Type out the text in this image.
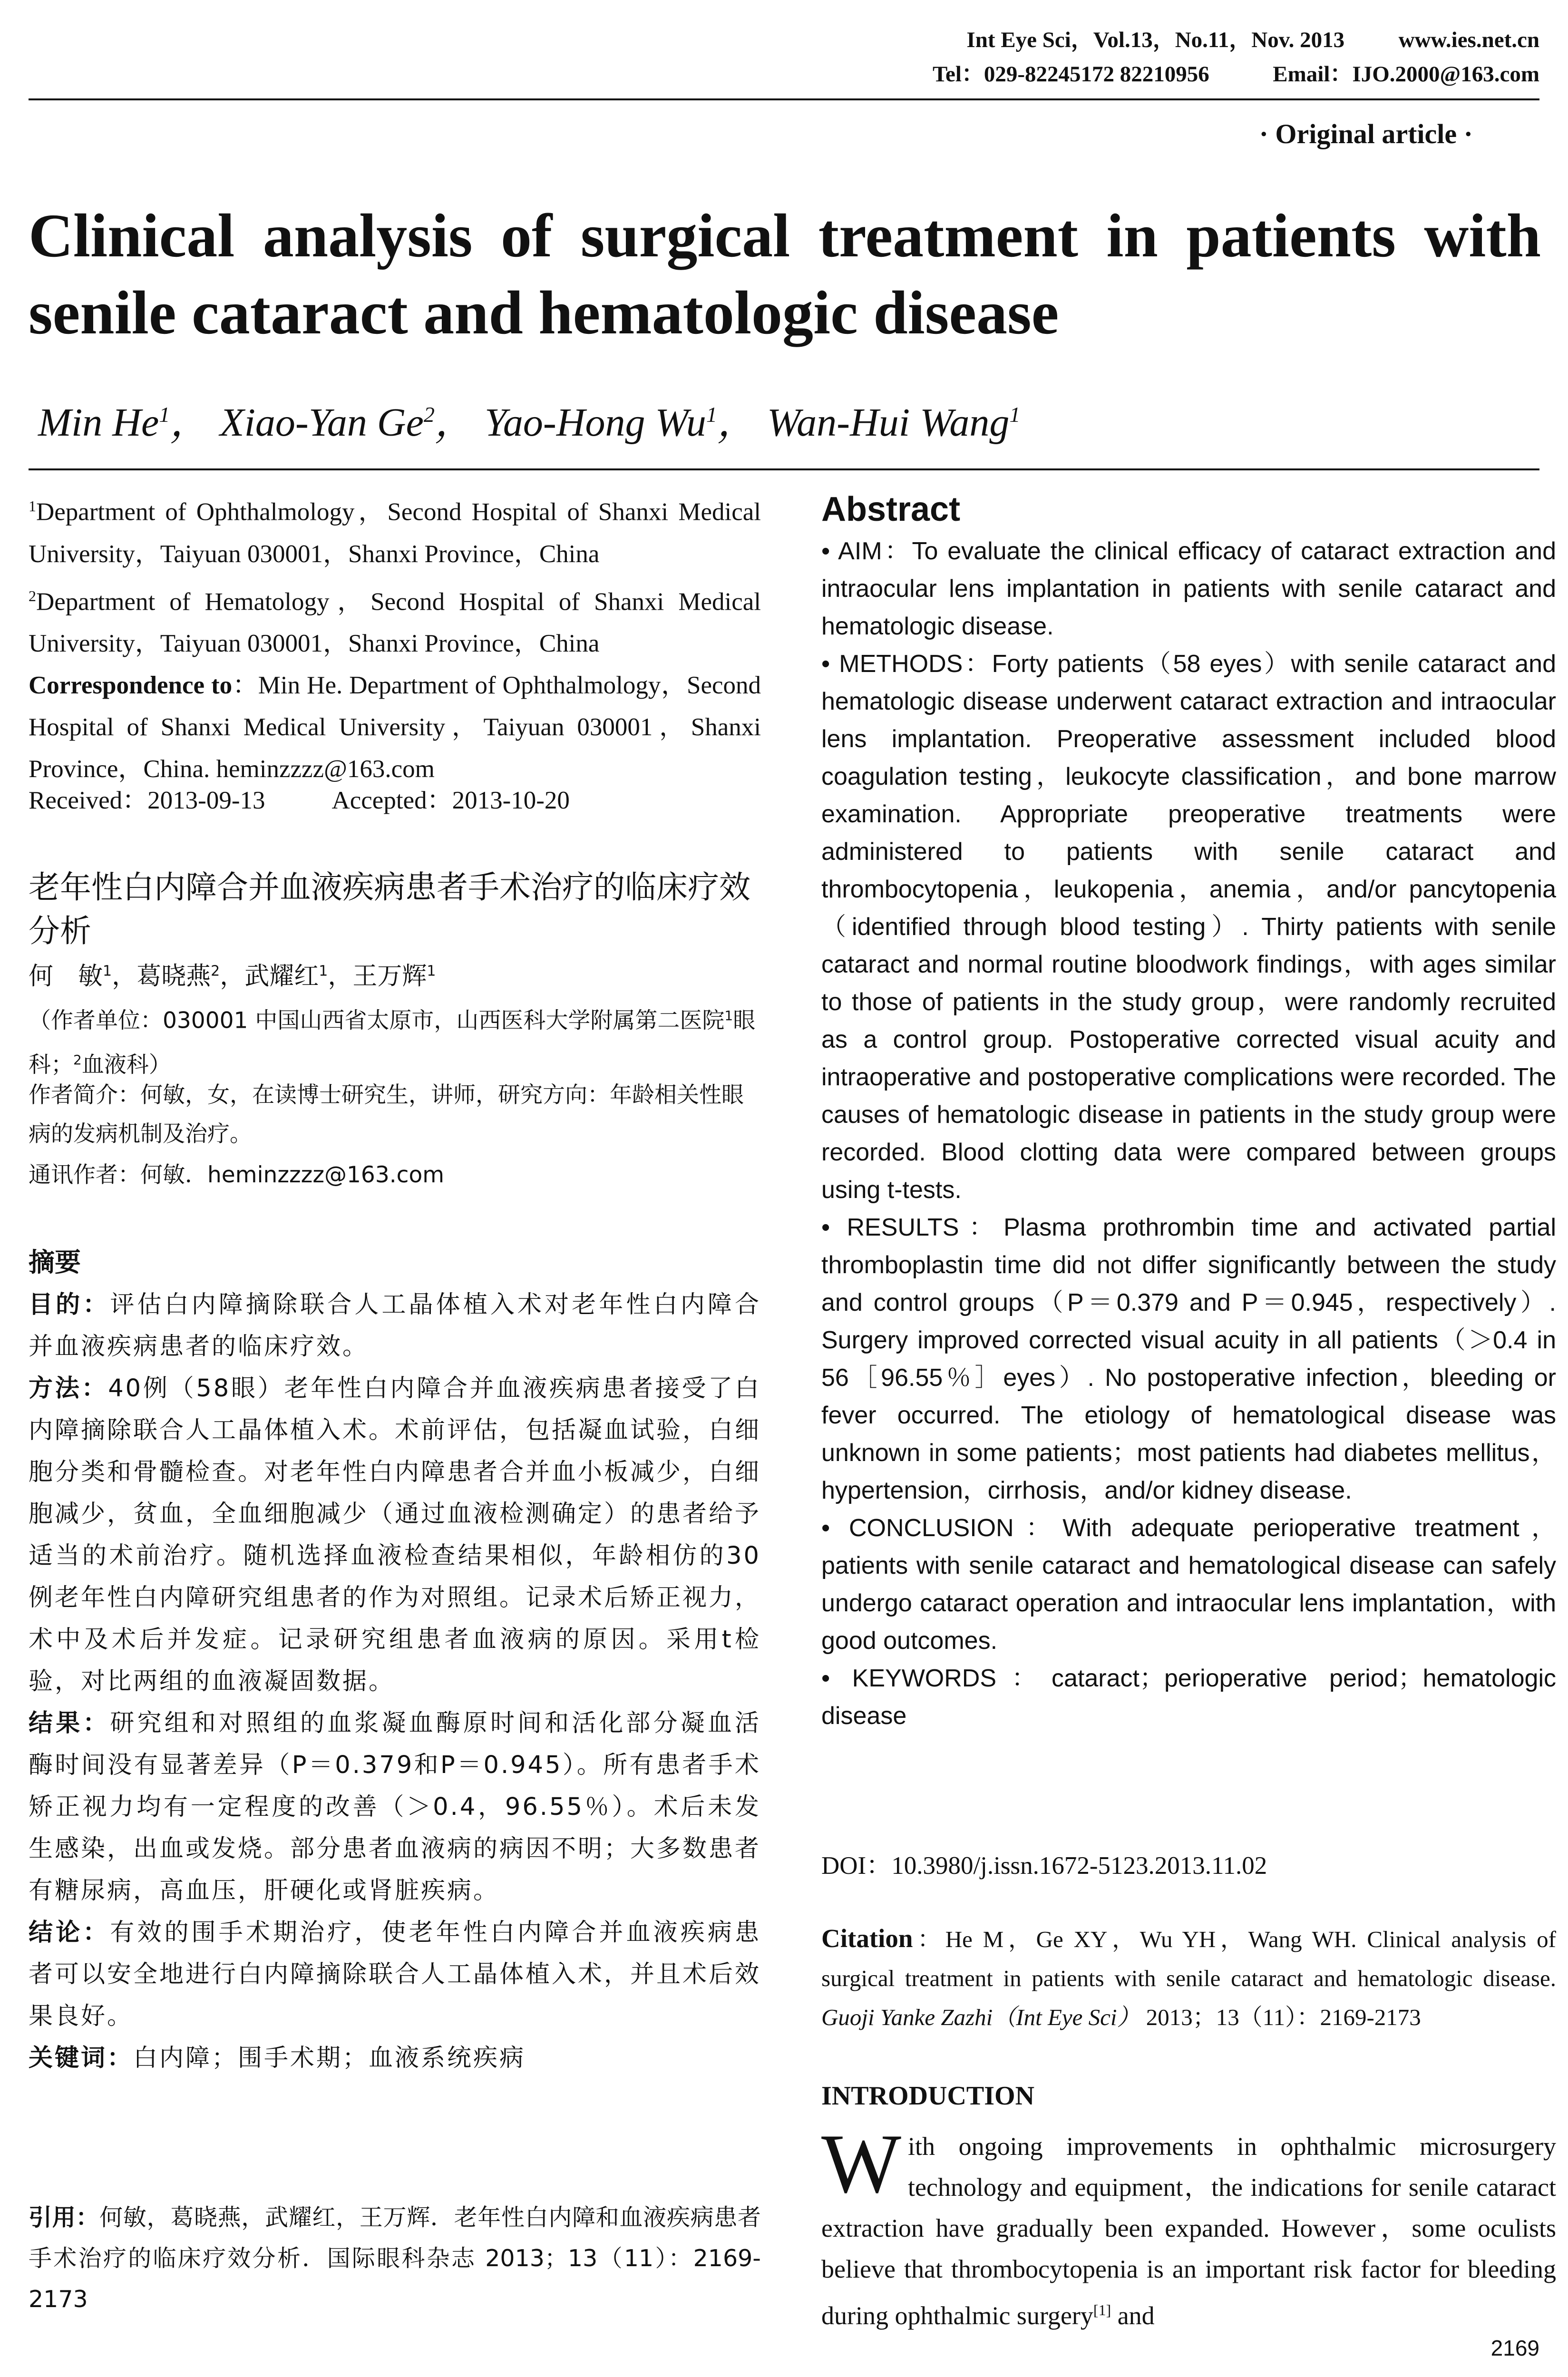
Int Eye Sci，Vol.13，No.11，Nov. 2013 www.ies.net.cn
Tel：029-82245172 82210956	Email：IJO.2000@163.com
· Original article ·
Clinical analysis of surgical treatment in patients with senile cataract and hematologic disease
Min He$^1$， Xiao-Yan Ge$^2$， Yao-Hong Wu$^1$， Wan-Hui Wang$^1$
$^1$Department of Ophthalmology，Second Hospital of Shanxi Medical University，Taiyuan 030001，Shanxi Province，China
$^2$Department of Hematology，Second Hospital of Shanxi Medical University，Taiyuan 030001，Shanxi Province，China
Correspondence to：Min He. Department of Ophthalmology，Second Hospital of Shanxi Medical University，Taiyuan 030001，Shanxi Province，China. heminzzzz@163.com
Received：2013-09-13	Accepted：2013-10-20
老年性白内障合并血液疾病患者手术治疗的临床疗效分析
何　敏$^1$，葛晓燕$^2$，武耀红$^1$，王万辉$^1$
（作者单位：030001 中国山西省太原市，山西医科大学附属第二医院$^1$眼科；$^2$血液科）
作者简介：何敏，女，在读博士研究生，讲师，研究方向：年龄相关性眼病的发病机制及治疗。
通讯作者：何敏．heminzzzz@163.com
摘要

目的：评估白内障摘除联合人工晶体植入术对老年性白内障合并血液疾病患者的临床疗效。

方法：40例（58眼）老年性白内障合并血液疾病患者接受了白内障摘除联合人工晶体植入术。术前评估，包括凝血试验，白细胞分类和骨髓检查。对老年性白内障患者合并血小板减少，白细胞减少，贫血，全血细胞减少（通过血液检测确定）的患者给予适当的术前治疗。随机选择血液检查结果相似，年龄相仿的30例老年性白内障研究组患者的作为对照组。记录术后矫正视力，术中及术后并发症。记录研究组患者血液病的原因。采用t检验，对比两组的血液凝固数据。

结果：研究组和对照组的血浆凝血酶原时间和活化部分凝血活酶时间没有显著差异（P＝0.379和P＝0.945）。所有患者手术矫正视力均有一定程度的改善（＞0.4，96.55％）。术后未发生感染，出血或发烧。部分患者血液病的病因不明；大多数患者有糖尿病，高血压，肝硬化或肾脏疾病。

结论：有效的围手术期治疗，使老年性白内障合并血液疾病患者可以安全地进行白内障摘除联合人工晶体植入术，并且术后效果良好。

关键词：白内障；围手术期；血液系统疾病

引用：何敏，葛晓燕，武耀红，王万辉．老年性白内障和血液疾病患者手术治疗的临床疗效分析．国际眼科杂志 2013；13（11）：2169-2173
Abstract

• AIM：To evaluate the clinical efficacy of cataract extraction and intraocular lens implantation in patients with senile cataract and hematologic disease.

• METHODS：Forty patients（58 eyes）with senile cataract and hematologic disease underwent cataract extraction and intraocular lens implantation. Preoperative assessment included blood coagulation testing，leukocyte classification，and bone marrow examination. Appropriate preoperative treatments were administered to patients with senile cataract and thrombocytopenia，leukopenia，anemia，and/or pancytopenia（identified through blood testing）. Thirty patients with senile cataract and normal routine bloodwork findings，with ages similar to those of patients in the study group，were randomly recruited as a control group. Postoperative corrected visual acuity and intraoperative and postoperative complications were recorded. The causes of hematologic disease in patients in the study group were recorded. Blood clotting data were compared between groups using t-tests.

• RESULTS：Plasma prothrombin time and activated partial thromboplastin time did not differ significantly between the study and control groups（P＝0.379 and P＝0.945，respectively）. Surgery improved corrected visual acuity in all patients（＞0.4 in 56［96.55％］eyes）. No postoperative infection，bleeding or fever occurred. The etiology of hematological disease was unknown in some patients；most patients had diabetes mellitus，hypertension，cirrhosis，and/or kidney disease.

• CONCLUSION：With adequate perioperative treatment，patients with senile cataract and hematological disease can safely undergo cataract operation and intraocular lens implantation，with good outcomes.

• KEYWORDS：cataract；perioperative period；hematologic disease

DOI：10.3980/j.issn.1672-5123.2013.11.02
Citation：He M，Ge XY，Wu YH，Wang WH. Clinical analysis of surgical treatment in patients with senile cataract and hematologic disease. Guoji Yanke Zazhi（Int Eye Sci） 2013；13（11）：2169-2173
INTRODUCTION
With ongoing improvements in ophthalmic microsurgery technology and equipment，the indications for senile cataract extraction have gradually been expanded. However，some oculists believe that thrombocytopenia is an important risk factor for bleeding during ophthalmic surgery[1] and
2169
